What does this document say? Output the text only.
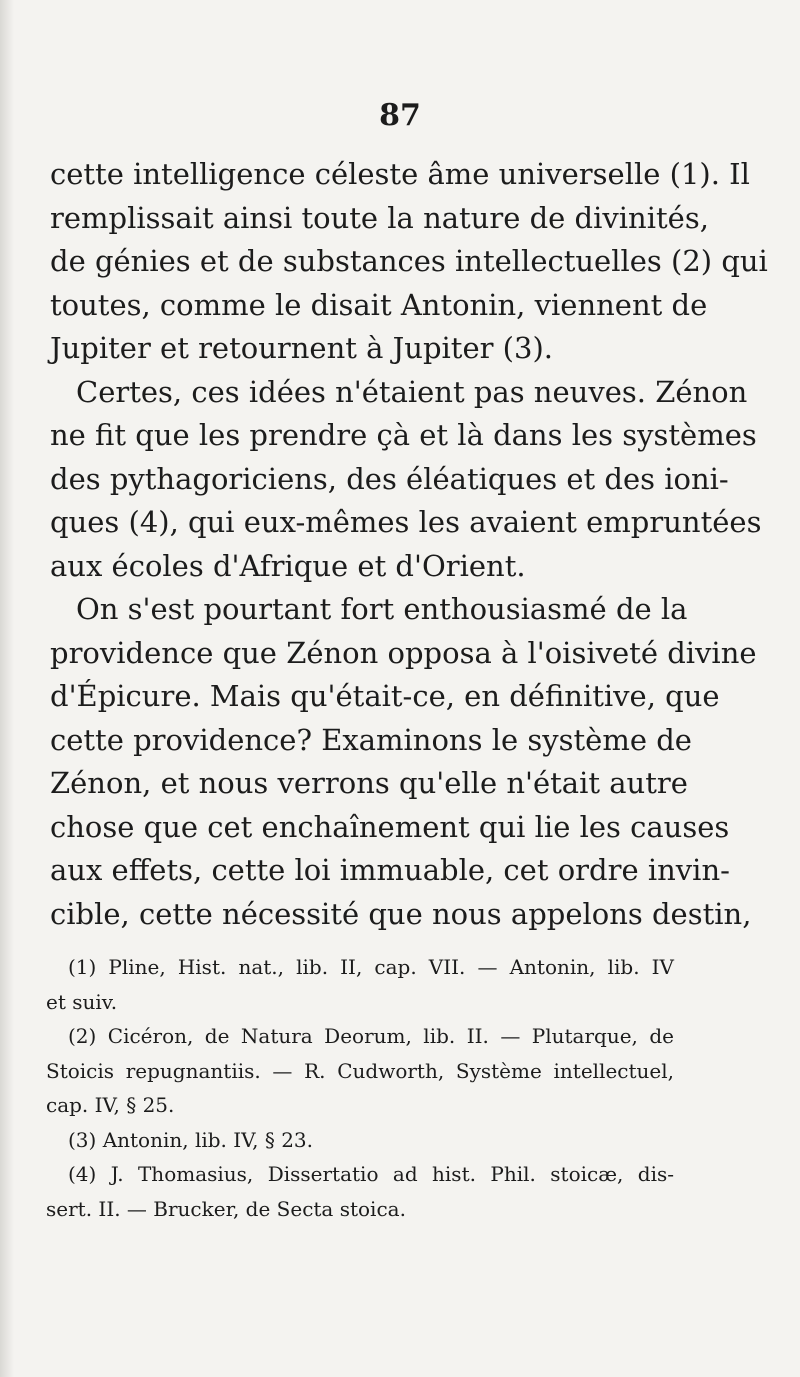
87
cette intelligence céleste âme universelle (1). Il
remplissait ainsi toute la nature de divinités,
de génies et de substances intellectuelles (2) qui
toutes, comme le disait Antonin, viennent de
Jupiter et retournent à Jupiter (3).
Certes, ces idées n'étaient pas neuves. Zénon
ne fit que les prendre çà et là dans les systèmes
des pythagoriciens, des éléatiques et des ioni-
ques (4), qui eux-mêmes les avaient empruntées
aux écoles d'Afrique et d'Orient.
On s'est pourtant fort enthousiasmé de la
providence que Zénon opposa à l'oisiveté divine
d'Épicure. Mais qu'était-ce, en définitive, que
cette providence? Examinons le système de
Zénon, et nous verrons qu'elle n'était autre
chose que cet enchaînement qui lie les causes
aux effets, cette loi immuable, cet ordre invin-
cible, cette nécessité que nous appelons destin,
(1) Pline, Hist. nat., lib. II, cap. VII. — Antonin, lib. IV
et suiv.
(2) Cicéron, de Natura Deorum, lib. II. — Plutarque, de
Stoicis repugnantiis. — R. Cudworth, Système intellectuel,
cap. IV, § 25.
(3) Antonin, lib. IV, § 23.
(4) J. Thomasius, Dissertatio ad hist. Phil. stoicæ, dis-
sert. II. — Brucker, de Secta stoica.
